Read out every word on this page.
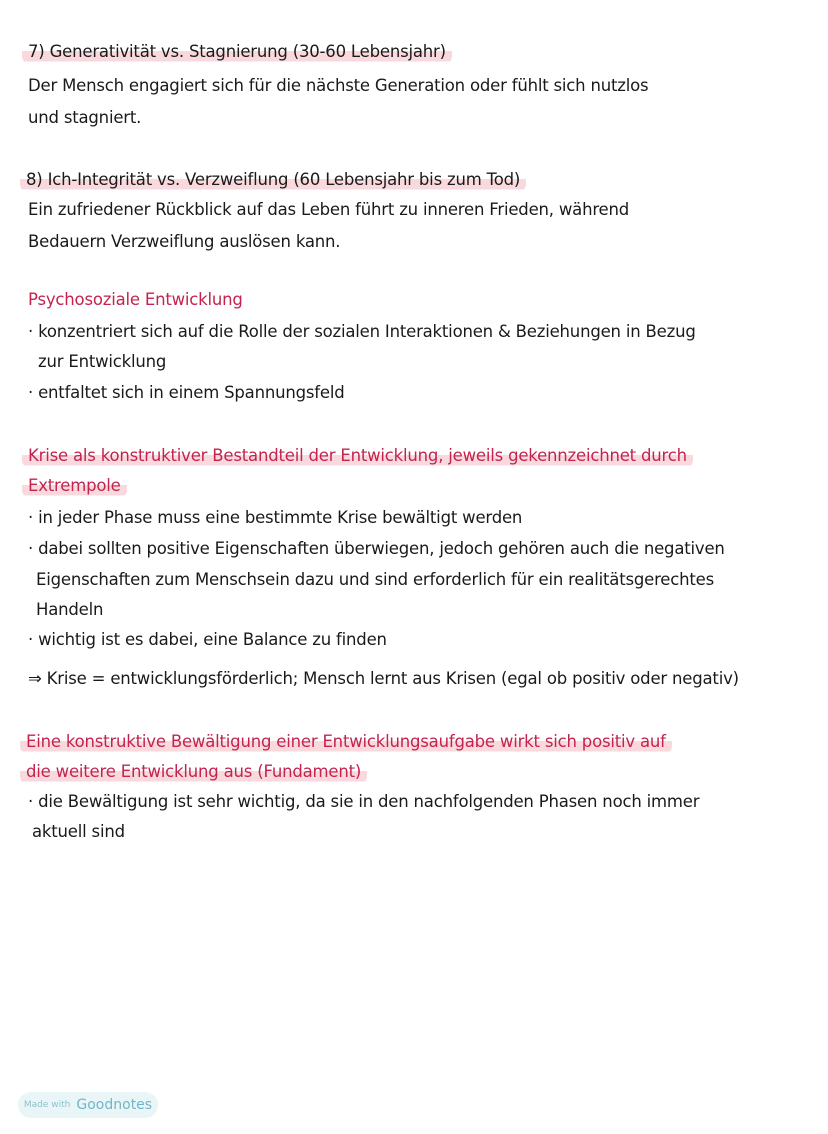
7) Generativität vs. Stagnierung (30-60 Lebensjahr)
Der Mensch engagiert sich für die nächste Generation oder fühlt sich nutzlos
und stagniert.
8) Ich-Integrität vs. Verzweiflung (60 Lebensjahr bis zum Tod)
Ein zufriedener Rückblick auf das Leben führt zu inneren Frieden, während
Bedauern Verzweiflung auslösen kann.
Psychosoziale Entwicklung
· konzentriert sich auf die Rolle der sozialen Interaktionen & Beziehungen in Bezug
zur Entwicklung
· entfaltet sich in einem Spannungsfeld
Krise als konstruktiver Bestandteil der Entwicklung, jeweils gekennzeichnet durch
Extrempole
· in jeder Phase muss eine bestimmte Krise bewältigt werden
· dabei sollten positive Eigenschaften überwiegen, jedoch gehören auch die negativen
Eigenschaften zum Menschsein dazu und sind erforderlich für ein realitätsgerechtes
Handeln
· wichtig ist es dabei, eine Balance zu finden
⇒ Krise = entwicklungsförderlich; Mensch lernt aus Krisen (egal ob positiv oder negativ)
Eine konstruktive Bewältigung einer Entwicklungsaufgabe wirkt sich positiv auf
die weitere Entwicklung aus (Fundament)
· die Bewältigung ist sehr wichtig, da sie in den nachfolgenden Phasen noch immer
aktuell sind
Made with Goodnotes
